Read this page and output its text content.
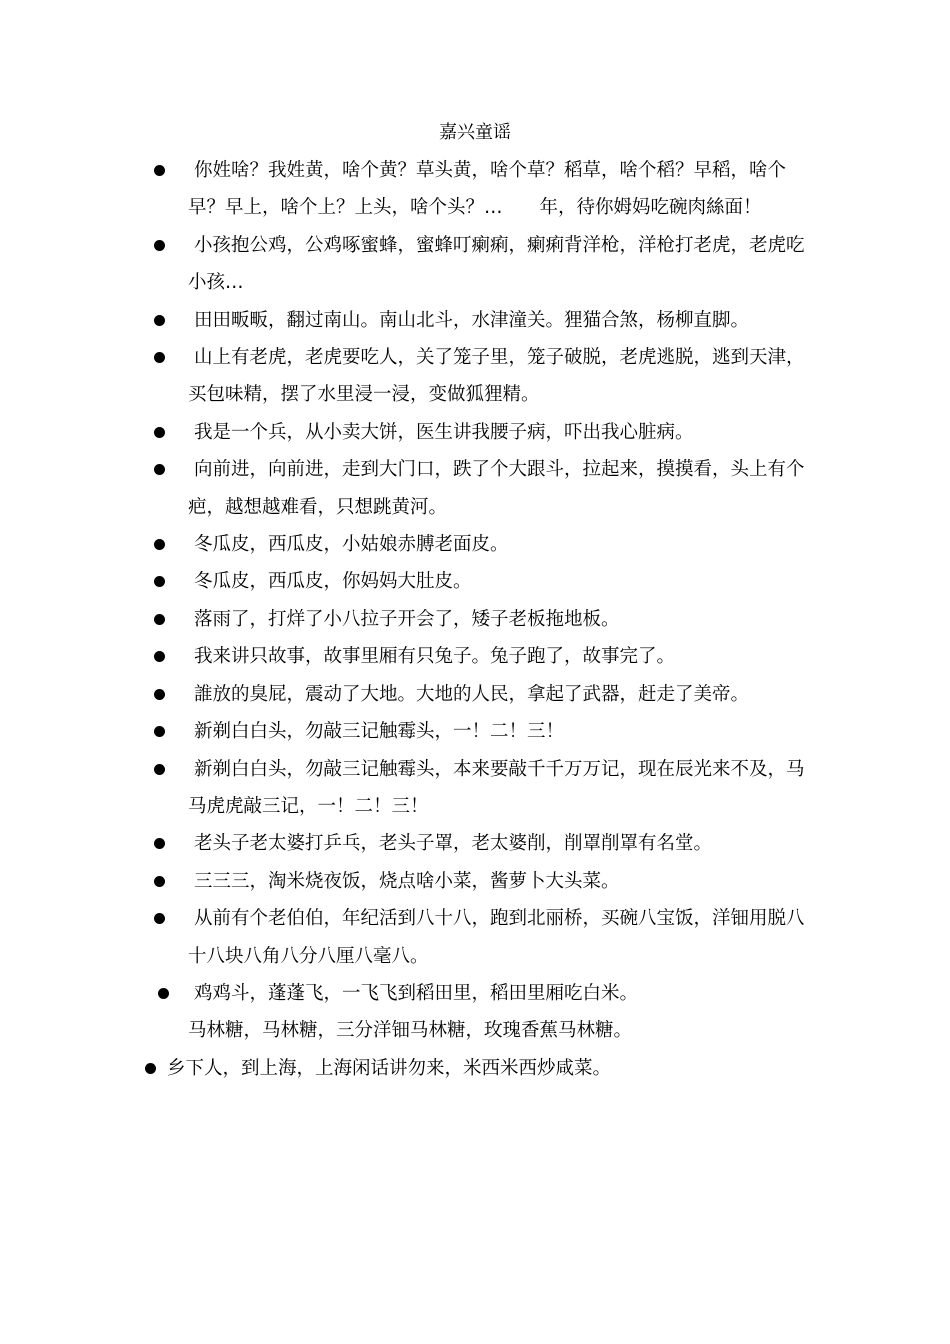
嘉兴童谣
你姓啥？我姓黄，啥个黄？草头黄，啥个草？稻草，啥个稻？早稻，啥个早？早上，啥个上？上头，啥个头？…　　年，待你姆妈吃碗肉絲面！
小孩抱公鸡，公鸡啄蜜蜂，蜜蜂叮瘌痢，瘌痢背洋枪，洋枪打老虎，老虎吃小孩…
田田畈畈，翻过南山。南山北斗，水津潼关。狸猫合煞，杨柳直脚。
山上有老虎，老虎要吃人，关了笼子里，笼子破脱，老虎逃脱，逃到天津，买包味精，摆了水里浸一浸，变做狐狸精。
我是一个兵，从小卖大饼，医生讲我腰子病，吓出我心脏病。
向前进，向前进，走到大门口，跌了个大跟斗，拉起来，摸摸看，头上有个疤，越想越难看，只想跳黄河。
冬瓜皮，西瓜皮，小姑娘赤膊老面皮。
冬瓜皮，西瓜皮，你妈妈大肚皮。
落雨了，打烊了小八拉子开会了，矮子老板拖地板。
我来讲只故事，故事里厢有只兔子。兔子跑了，故事完了。
誰放的臭屁，震动了大地。大地的人民，拿起了武器，赶走了美帝。
新剃白白头，勿敲三记触霉头，一！二！三！
新剃白白头，勿敲三记触霉头，本来要敲千千万万记，现在辰光来不及，马马虎虎敲三记，一！二！三！
老头子老太婆打乒乓，老头子罩，老太婆削，削罩削罩有名堂。
三三三，淘米烧夜饭，烧点啥小菜，酱萝卜大头菜。
从前有个老伯伯，年纪活到八十八，跑到北丽桥，买碗八宝饭，洋钿用脱八十八块八角八分八厘八毫八。
鸡鸡斗，蓬蓬飞，一飞飞到稻田里，稻田里厢吃白米。
马林糖，马林糖，三分洋钿马林糖，玫瑰香蕉马林糖。
乡下人，到上海，上海闲话讲勿来，米西米西炒咸菜。
